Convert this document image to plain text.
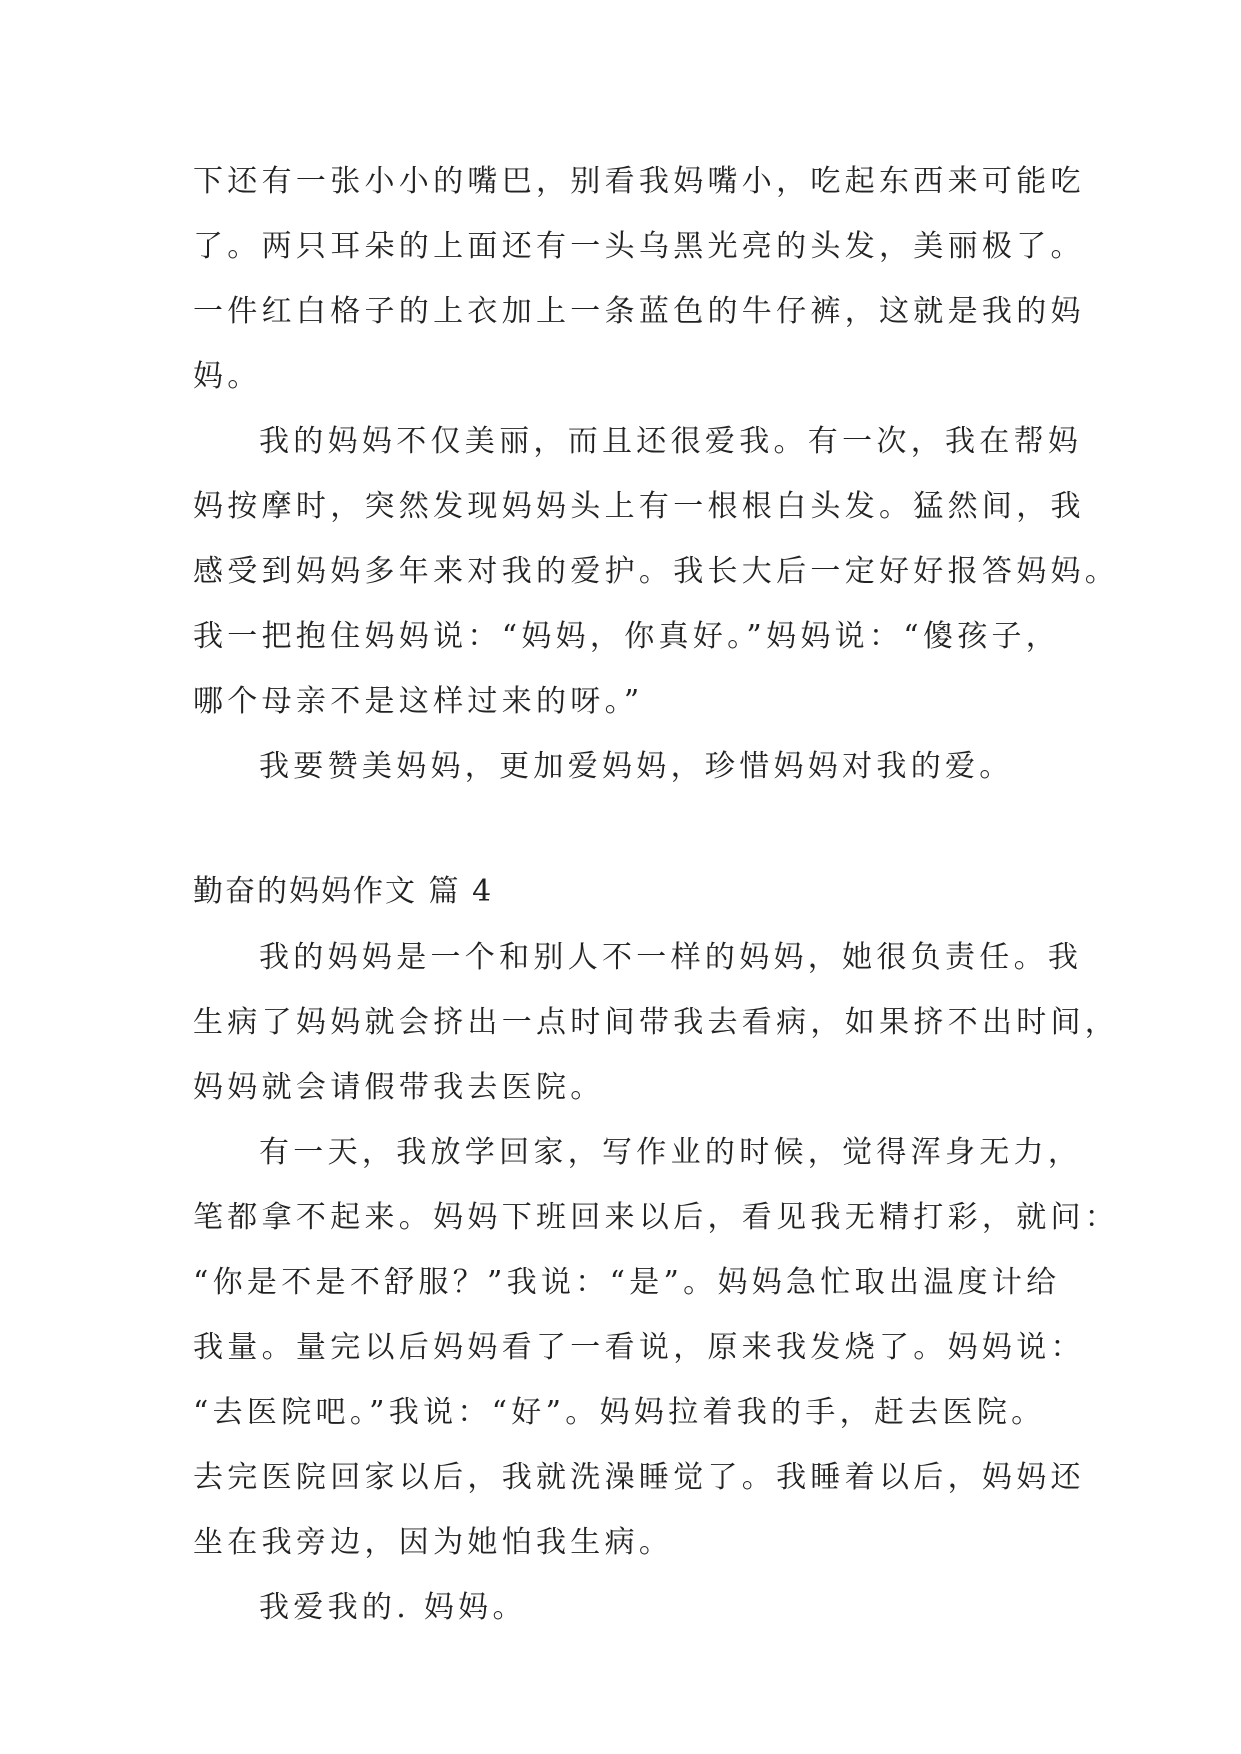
下还有一张小小的嘴巴，别看我妈嘴小，吃起东西来可能吃
了。两只耳朵的上面还有一头乌黑光亮的头发，美丽极了。
一件红白格子的上衣加上一条蓝色的牛仔裤，这就是我的妈
妈。
我的妈妈不仅美丽，而且还很爱我。有一次，我在帮妈
妈按摩时，突然发现妈妈头上有一根根白头发。猛然间，我
感受到妈妈多年来对我的爱护。我长大后一定好好报答妈妈。
我一把抱住妈妈说：“妈妈，你真好。”妈妈说：“傻孩子，
哪个母亲不是这样过来的呀。”
我要赞美妈妈，更加爱妈妈，珍惜妈妈对我的爱。
勤奋的妈妈作文 篇 4
我的妈妈是一个和别人不一样的妈妈，她很负责任。我
生病了妈妈就会挤出一点时间带我去看病，如果挤不出时间，
妈妈就会请假带我去医院。
有一天，我放学回家，写作业的时候，觉得浑身无力，
笔都拿不起来。妈妈下班回来以后，看见我无精打彩，就问：
“你是不是不舒服？”我说：“是”。妈妈急忙取出温度计给
我量。量完以后妈妈看了一看说，原来我发烧了。妈妈说：
“去医院吧。”我说：“好”。妈妈拉着我的手，赶去医院。
去完医院回家以后，我就洗澡睡觉了。我睡着以后，妈妈还
坐在我旁边，因为她怕我生病。
我爱我的. 妈妈。
